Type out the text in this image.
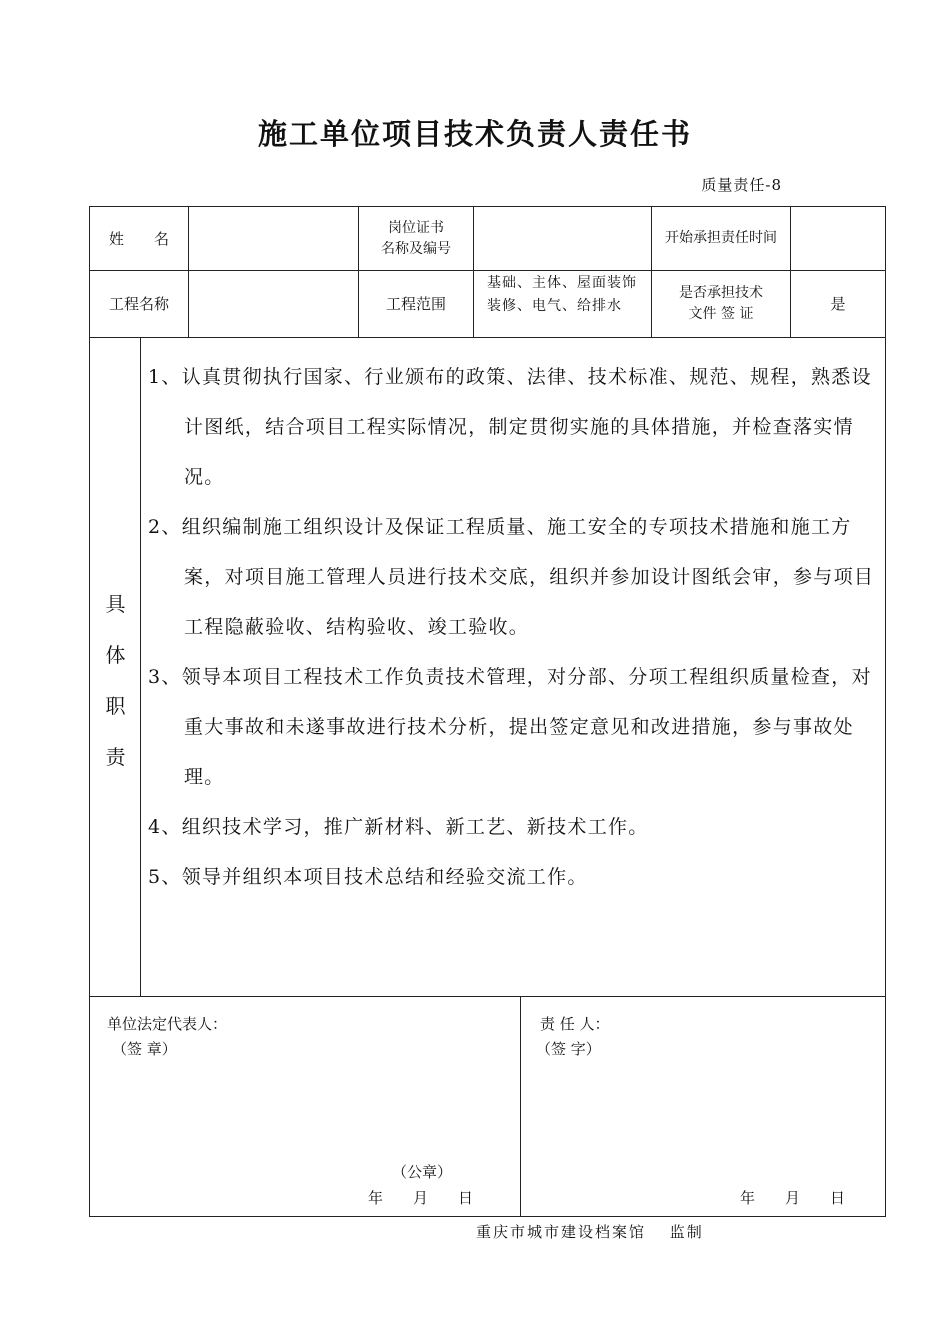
施工单位项目技术负责人责任书
质量责任-8
姓　　名
岗位证书
名称及编号
开始承担责任时间
工程名称	工程范围
基础、主体、屋面装饰装修、电气、给排水
是否承担技术
文件 签 证
是
具
体
职
责
1、认真贯彻执行国家、行业颁布的政策、法律、技术标准、规范、规程，熟悉设计图纸，结合项目工程实际情况，制定贯彻实施的具体措施，并检查落实情况。
2、组织编制施工组织设计及保证工程质量、施工安全的专项技术措施和施工方案，对项目施工管理人员进行技术交底，组织并参加设计图纸会审，参与项目工程隐蔽验收、结构验收、竣工验收。
3、领导本项目工程技术工作负责技术管理，对分部、分项工程组织质量检查，对重大事故和未遂事故进行技术分析，提出签定意见和改进措施，参与事故处理。
4、组织技术学习，推广新材料、新工艺、新技术工作。
5、领导并组织本项目技术总结和经验交流工作。
单位法定代表人：
（签 章）
（公章）
年　　月　　日
责 任 人：
（签 字）
年　　月　　日
重庆市城市建设档案馆　 监制
